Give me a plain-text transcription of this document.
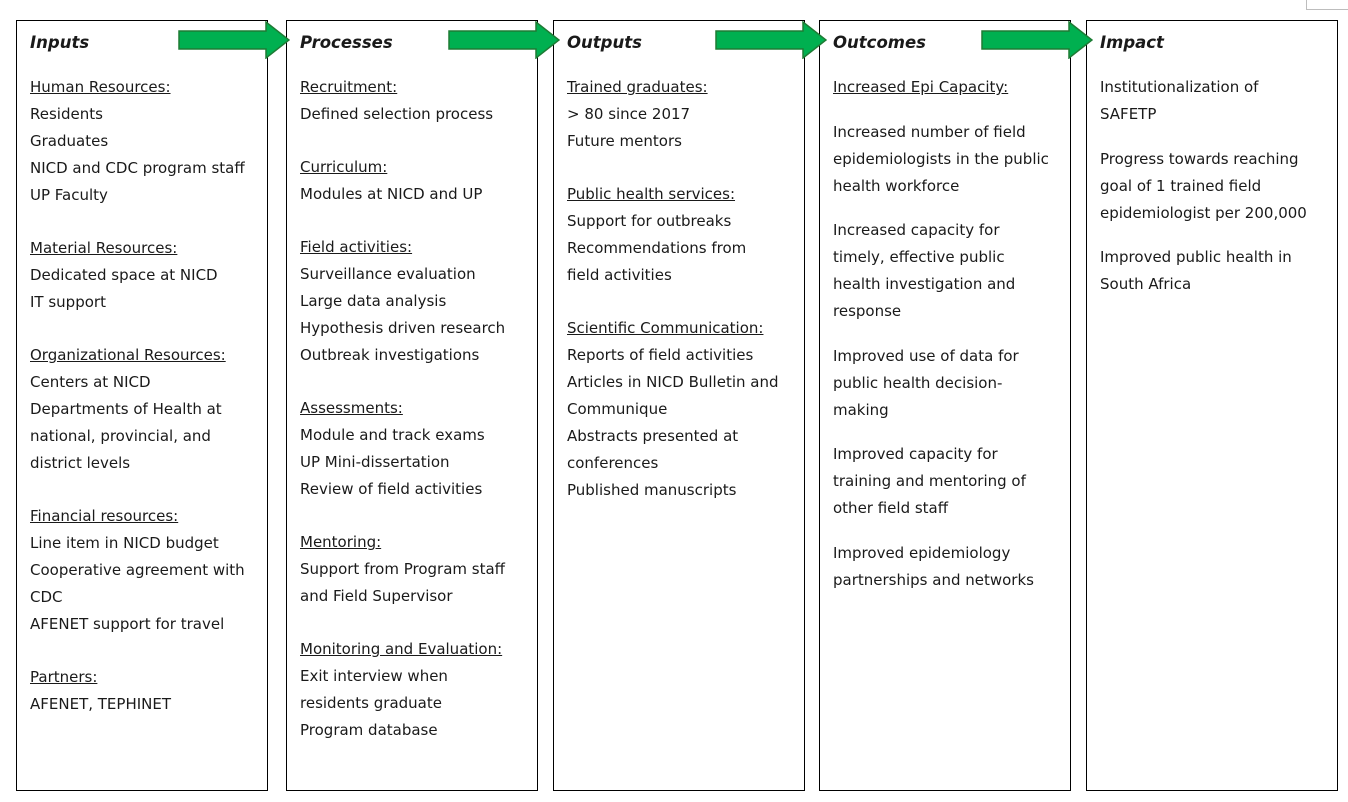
Inputs
Human Resources:
Residents
Graduates
NICD and CDC program staff
UP Faculty
Material Resources:
Dedicated space at NICD
IT support
Organizational Resources:
Centers at NICD
Departments of Health at
national, provincial, and
district levels
Financial resources:
Line item in NICD budget
Cooperative agreement with
CDC
AFENET support for travel
Partners:
AFENET, TEPHINET
Processes
Recruitment:
Defined selection process
Curriculum:
Modules at NICD and UP
Field activities:
Surveillance evaluation
Large data analysis
Hypothesis driven research
Outbreak investigations
Assessments:
Module and track exams
UP Mini-dissertation
Review of field activities
Mentoring:
Support from Program staff
and Field Supervisor
Monitoring and Evaluation:
Exit interview when
residents graduate
Program database
Outputs
Trained graduates:
> 80 since 2017
Future mentors
Public health services:
Support for outbreaks
Recommendations from
field activities
Scientific Communication:
Reports of field activities
Articles in NICD Bulletin and
Communique
Abstracts presented at
conferences
Published manuscripts
Outcomes
Increased Epi Capacity:
Increased number of field
epidemiologists in the public
health workforce
Increased capacity for
timely, effective public
health investigation and
response
Improved use of data for
public health decision-
making
Improved capacity for
training and mentoring of
other field staff
Improved epidemiology
partnerships and networks
Impact
Institutionalization of
SAFETP
Progress towards reaching
goal of 1 trained field
epidemiologist per 200,000
Improved public health in
South Africa
